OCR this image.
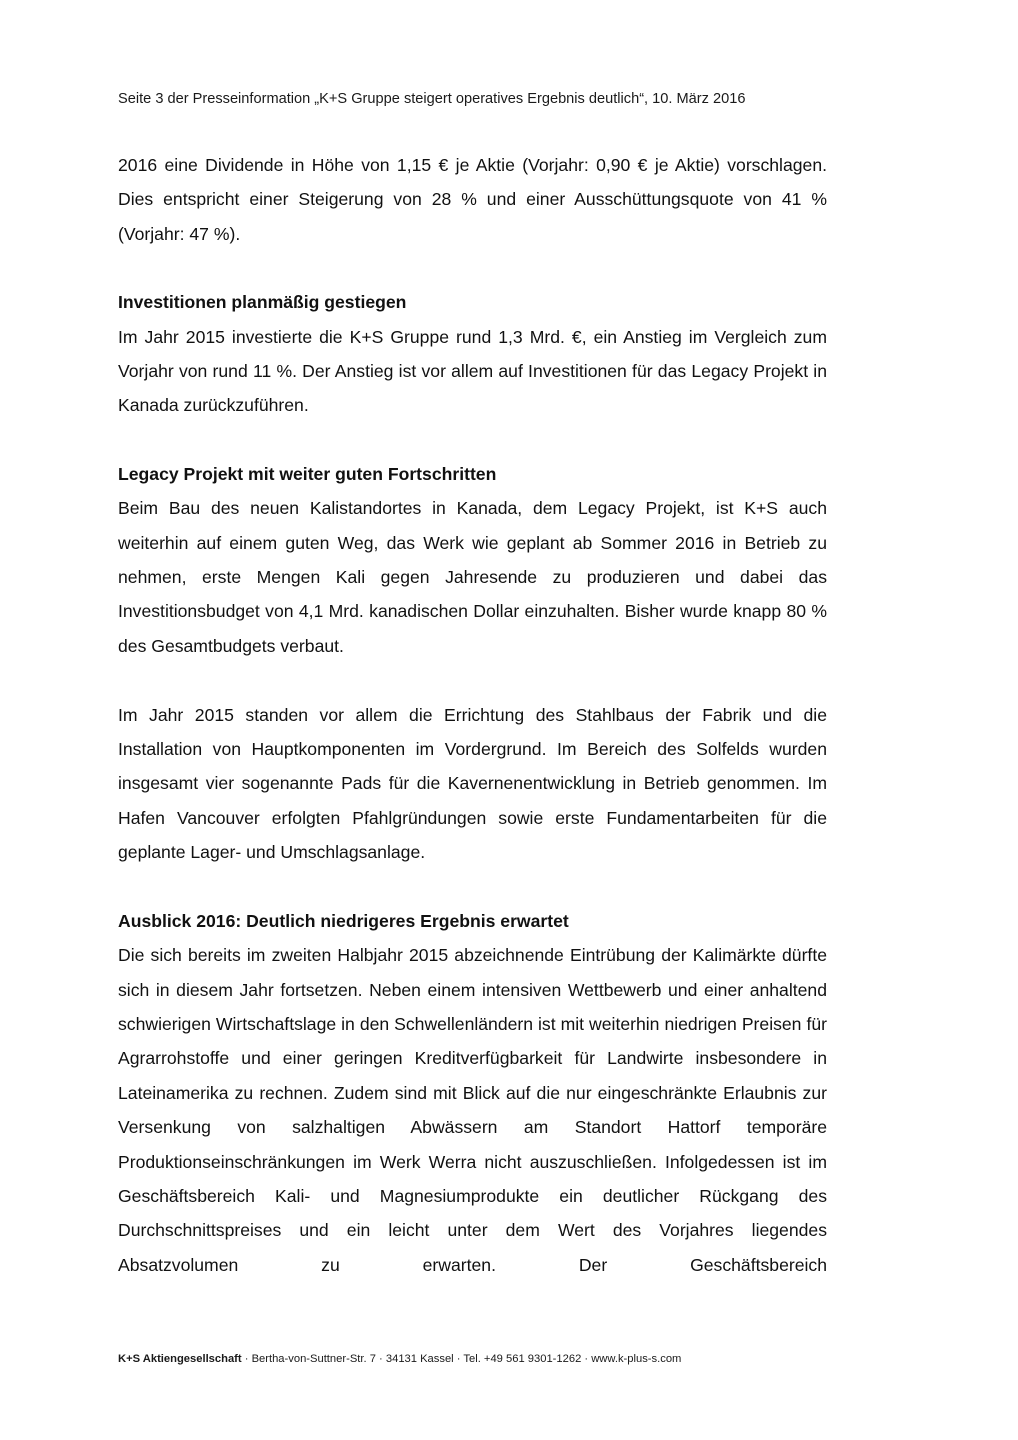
Seite 3 der Presseinformation „K+S Gruppe steigert operatives Ergebnis deutlich“, 10. März 2016

2016 eine Dividende in Höhe von 1,15 € je Aktie (Vorjahr: 0,90 € je Aktie) vorschlagen. Dies entspricht einer Steigerung von 28 % und einer Ausschüttungsquote von 41 % (Vorjahr: 47 %).

Investitionen planmäßig gestiegen

Im Jahr 2015 investierte die K+S Gruppe rund 1,3 Mrd. €, ein Anstieg im Vergleich zum Vorjahr von rund 11 %. Der Anstieg ist vor allem auf Investitionen für das Legacy Projekt in Kanada zurückzuführen.

Legacy Projekt mit weiter guten Fortschritten

Beim Bau des neuen Kalistandortes in Kanada, dem Legacy Projekt, ist K+S auch weiterhin auf einem guten Weg, das Werk wie geplant ab Sommer 2016 in Betrieb zu nehmen, erste Mengen Kali gegen Jahresende zu produzieren und dabei das Investitionsbudget von 4,1 Mrd. kanadischen Dollar einzuhalten. Bisher wurde knapp 80 % des Gesamtbudgets verbaut.

Im Jahr 2015 standen vor allem die Errichtung des Stahlbaus der Fabrik und die Installation von Hauptkomponenten im Vordergrund. Im Bereich des Solfelds wurden insgesamt vier sogenannte Pads für die Kavernenentwicklung in Betrieb genommen. Im Hafen Vancouver erfolgten Pfahlgründungen sowie erste Fundamentarbeiten für die geplante Lager- und Umschlagsanlage.

Ausblick 2016: Deutlich niedrigeres Ergebnis erwartet

Die sich bereits im zweiten Halbjahr 2015 abzeichnende Eintrübung der Kalimärkte dürfte sich in diesem Jahr fortsetzen. Neben einem intensiven Wettbewerb und einer anhaltend schwierigen Wirtschaftslage in den Schwellenländern ist mit weiterhin niedrigen Preisen für Agrarrohstoffe und einer geringen Kreditverfügbarkeit für Landwirte insbesondere in Lateinamerika zu rechnen. Zudem sind mit Blick auf die nur eingeschränkte Erlaubnis zur Versenkung von salzhaltigen Abwässern am Standort Hattorf temporäre Produktionseinschränkungen im Werk Werra nicht auszuschließen. Infolgedessen ist im Geschäftsbereich Kali- und Magnesiumprodukte ein deutlicher Rückgang des Durchschnittspreises und ein leicht unter dem Wert des Vorjahres liegendes Absatzvolumen zu erwarten. Der Geschäftsbereich

K+S Aktiengesellschaft · Bertha-von-Suttner-Str. 7 · 34131 Kassel · Tel. +49 561 9301-1262 · www.k-plus-s.com
